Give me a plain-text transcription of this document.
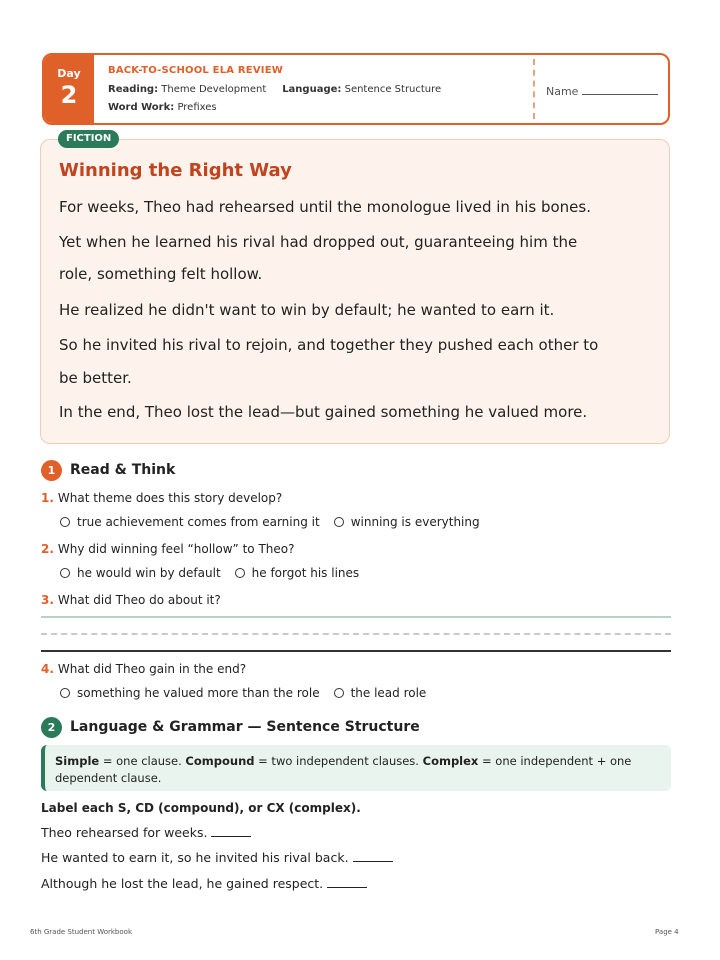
Day
2
BACK-TO-SCHOOL ELA REVIEW
Reading: Theme Development Language: Sentence Structure
Word Work: Prefixes
Name
Winning the Right Way
For weeks, Theo had rehearsed until the monologue lived in his bones.
Yet when he learned his rival had dropped out, guaranteeing him the
role, something felt hollow.
He realized he didn't want to win by default; he wanted to earn it.
So he invited his rival to rejoin, and together they pushed each other to
be better.
In the end, Theo lost the lead—but gained something he valued more.
FICTION
1	Read & Think
1. What theme does this story develop?
true achievement comes from earning it	winning is everything
2. Why did winning feel “hollow” to Theo?
he would win by default	he forgot his lines
3. What did Theo do about it?
4. What did Theo gain in the end?
something he valued more than the role	the lead role
2	Language & Grammar — Sentence Structure
Simple = one clause. Compound = two independent clauses. Complex = one independent + one dependent clause.
Label each S, CD (compound), or CX (complex).
Theo rehearsed for weeks.
He wanted to earn it, so he invited his rival back.
Although he lost the lead, he gained respect.
6th Grade Student Workbook	Page 4
